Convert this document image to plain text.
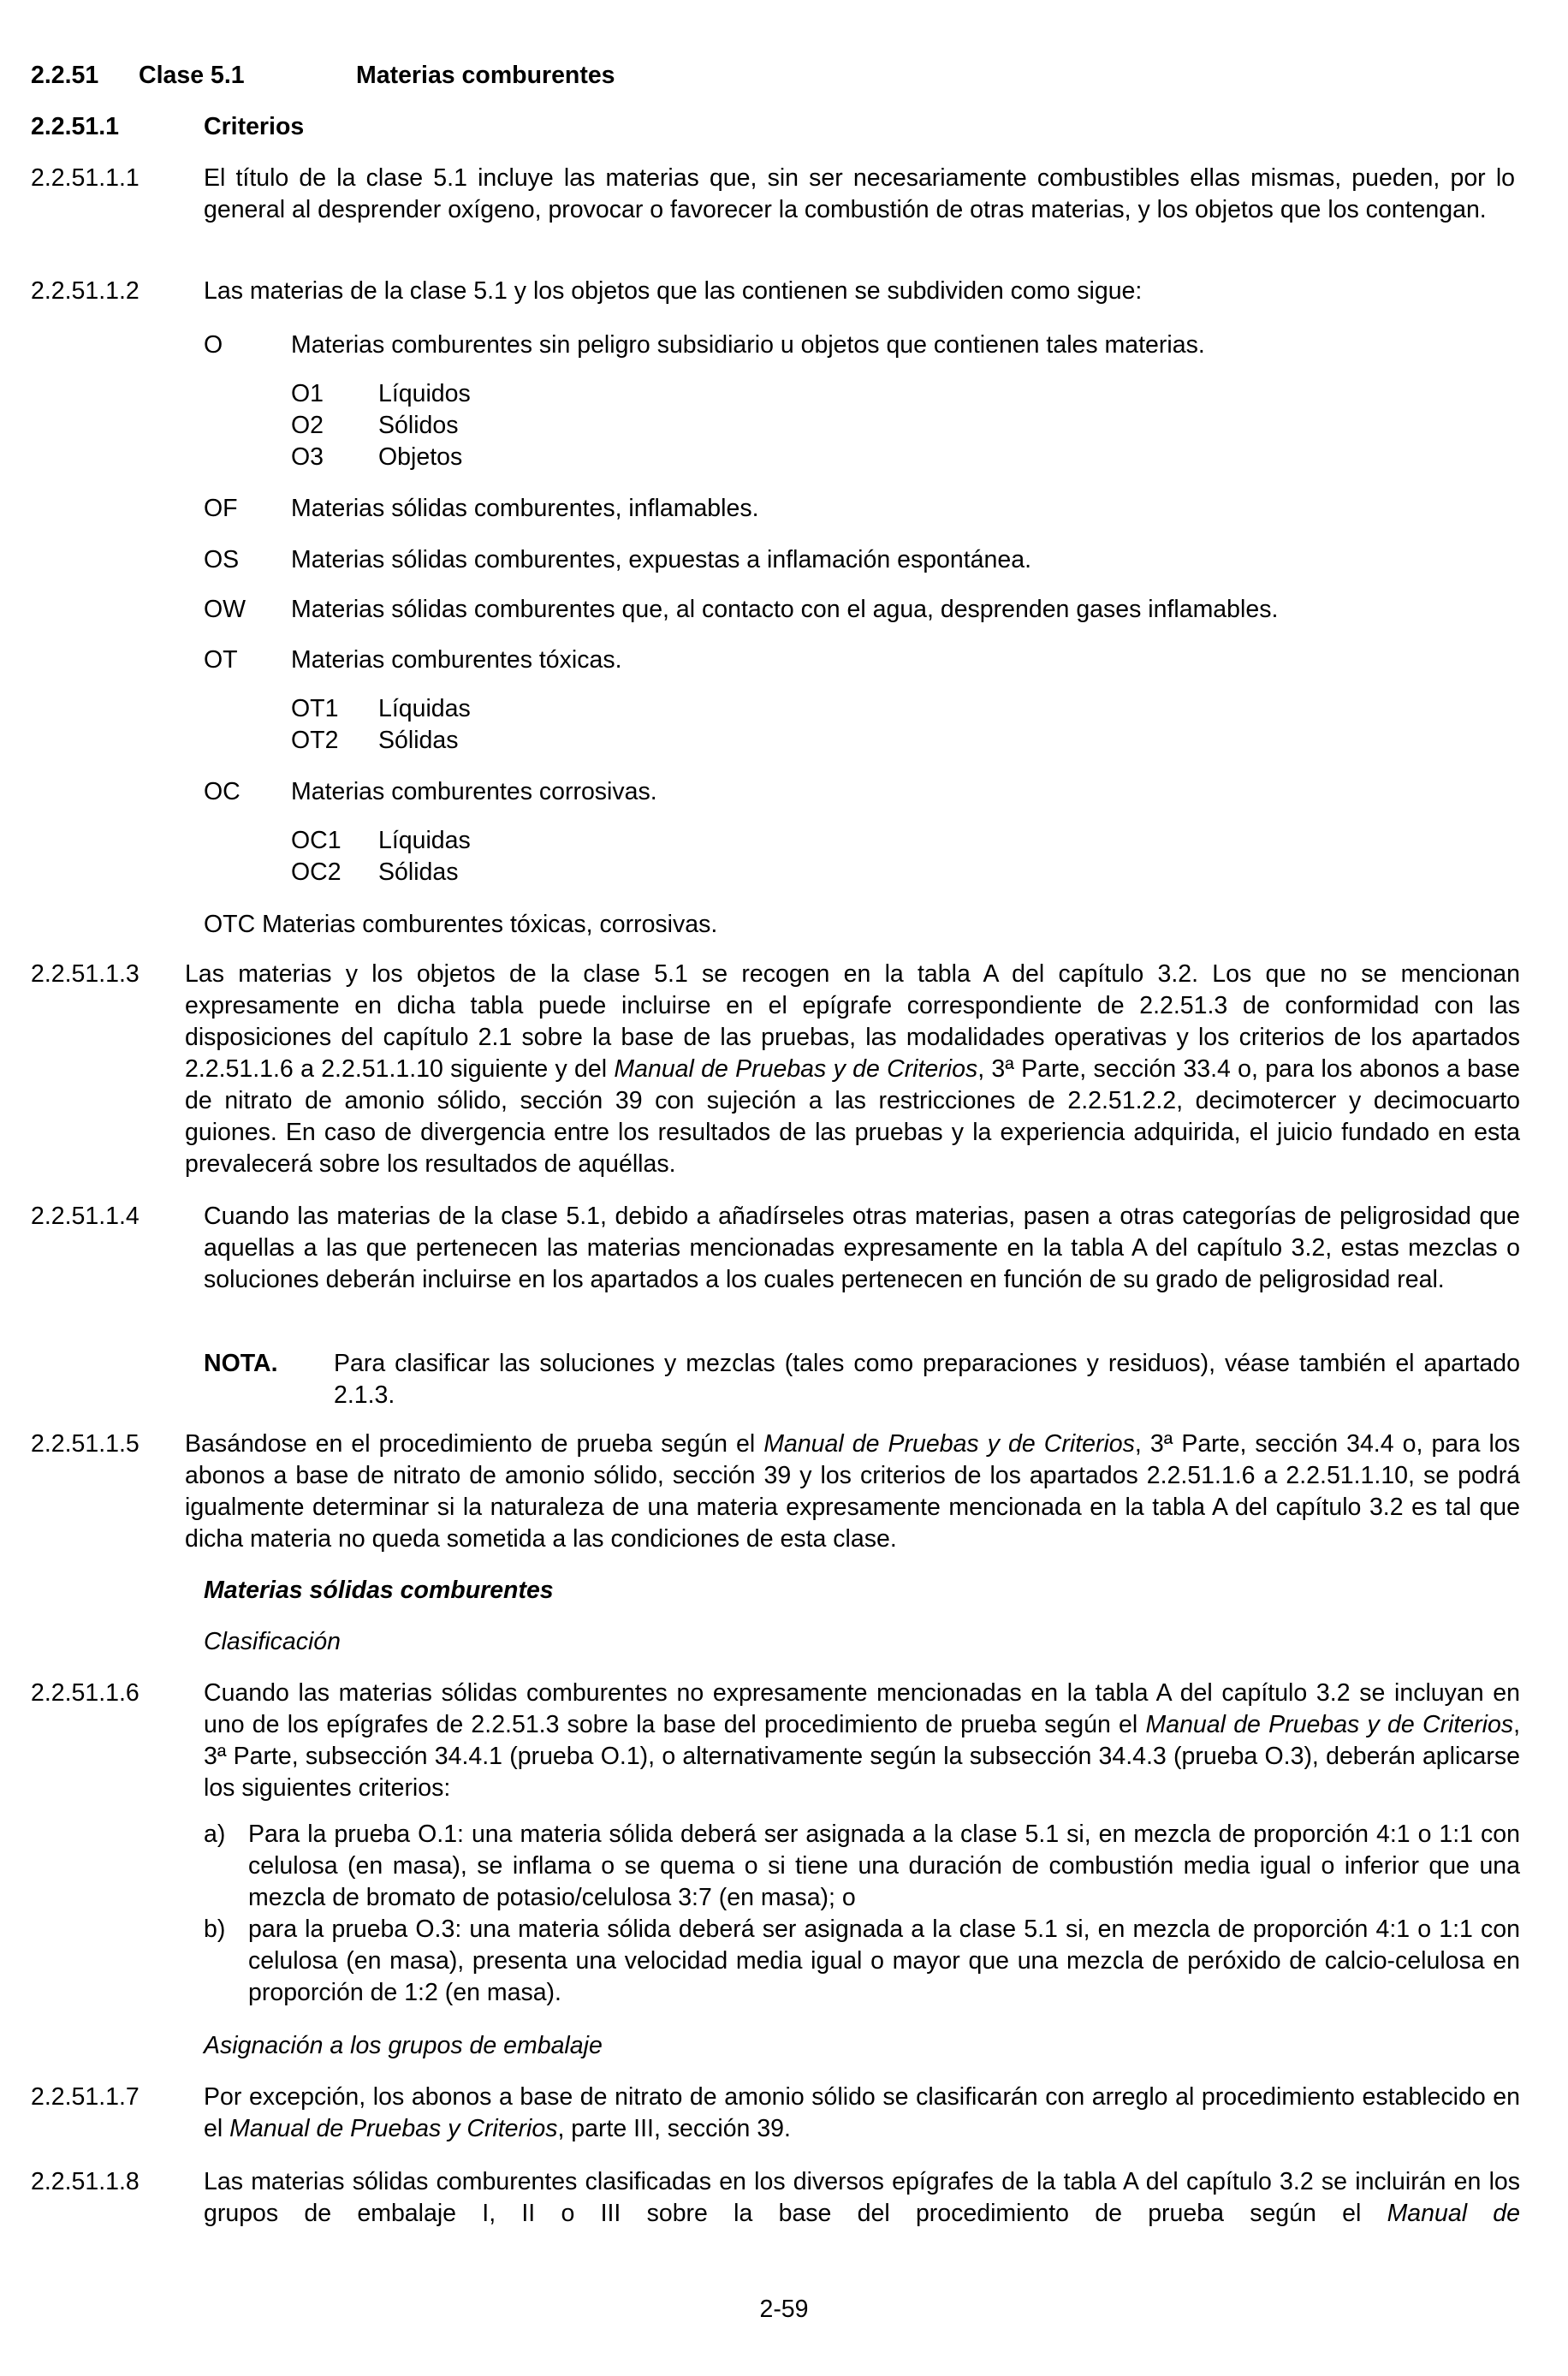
2.2.51 Clase 5.1	Materias comburentes
2.2.51.1	Criterios
2.2.51.1.1	El título de la clase 5.1 incluye las materias que, sin ser necesariamente combustibles ellas mismas, pueden, por lo general al desprender oxígeno, provocar o favorecer la combustión de otras materias, y los objetos que los contengan.

2.2.51.1.2	Las materias de la clase 5.1 y los objetos que las contienen se subdividen como sigue:
O	Materias comburentes sin peligro subsidiario u objetos que contienen tales materias.
O1 Líquidos
O2 Sólidos
O3 Objetos
OF Materias sólidas comburentes, inflamables.
OS Materias sólidas comburentes, expuestas a inflamación espontánea.
OW Materias sólidas comburentes que, al contacto con el agua, desprenden gases inflamables.
OT Materias comburentes tóxicas.
OT1 Líquidas
OT2 Sólidas
OC Materias comburentes corrosivas.
OC1 Líquidas
OC2 Sólidas
OTC Materias comburentes tóxicas, corrosivas.
2.2.51.1.3 Las materias y los objetos de la clase 5.1 se recogen en la tabla A del capítulo 3.2. Los que no se mencionan expresamente en dicha tabla puede incluirse en el epígrafe correspondiente de 2.2.51.3 de conformidad con las disposiciones del capítulo 2.1 sobre la base de las pruebas, las modalidades operativas y los criterios de los apartados 2.2.51.1.6 a 2.2.51.1.10 siguiente y del Manual de Pruebas y de Criterios, 3ª Parte, sección 33.4 o, para los abonos a base de nitrato de amonio sólido, sección 39 con sujeción a las restricciones de 2.2.51.2.2, decimotercer y decimocuarto guiones. En caso de divergencia entre los resultados de las pruebas y la experiencia adquirida, el juicio fundado en esta prevalecerá sobre los resultados de aquéllas.

2.2.51.1.4	Cuando las materias de la clase 5.1, debido a añadírseles otras materias, pasen a otras categorías de peligrosidad que aquellas a las que pertenecen las materias mencionadas expresamente en la tabla A del capítulo 3.2, estas mezclas o soluciones deberán incluirse en los apartados a los cuales pertenecen en función de su grado de peligrosidad real.

NOTA. Para clasificar las soluciones y mezclas (tales como preparaciones y residuos), véase también el apartado 2.1.3.

2.2.51.1.5 Basándose en el procedimiento de prueba según el Manual de Pruebas y de Criterios, 3ª Parte, sección 34.4 o, para los abonos a base de nitrato de amonio sólido, sección 39 y los criterios de los apartados 2.2.51.1.6 a 2.2.51.1.10, se podrá igualmente determinar si la naturaleza de una materia expresamente mencionada en la tabla A del capítulo 3.2 es tal que dicha materia no queda sometida a las condiciones de esta clase.

Materias sólidas comburentes
Clasificación
2.2.51.1.6	Cuando las materias sólidas comburentes no expresamente mencionadas en la tabla A del capítulo 3.2 se incluyan en uno de los epígrafes de 2.2.51.3 sobre la base del procedimiento de prueba según el Manual de Pruebas y de Criterios, 3ª Parte, subsección 34.4.1 (prueba O.1), o alternativamente según la subsección 34.4.3 (prueba O.3), deberán aplicarse los siguientes criterios:

a) Para la prueba O.1: una materia sólida deberá ser asignada a la clase 5.1 si, en mezcla de proporción 4:1 o 1:1 con celulosa (en masa), se inflama o se quema o si tiene una duración de combustión media igual o inferior que una mezcla de bromato de potasio/celulosa 3:7 (en masa); o

b) para la prueba O.3: una materia sólida deberá ser asignada a la clase 5.1 si, en mezcla de proporción 4:1 o 1:1 con celulosa (en masa), presenta una velocidad media igual o mayor que una mezcla de peróxido de calcio-celulosa en proporción de 1:2 (en masa).

Asignación a los grupos de embalaje
2.2.51.1.7	Por excepción, los abonos a base de nitrato de amonio sólido se clasificarán con arreglo al procedimiento establecido en el Manual de Pruebas y Criterios, parte III, sección 39.

2.2.51.1.8	Las materias sólidas comburentes clasificadas en los diversos epígrafes de la tabla A del capítulo 3.2 se incluirán en los grupos de embalaje I, II o III sobre la base del procedimiento de prueba según el Manual de

2-59
